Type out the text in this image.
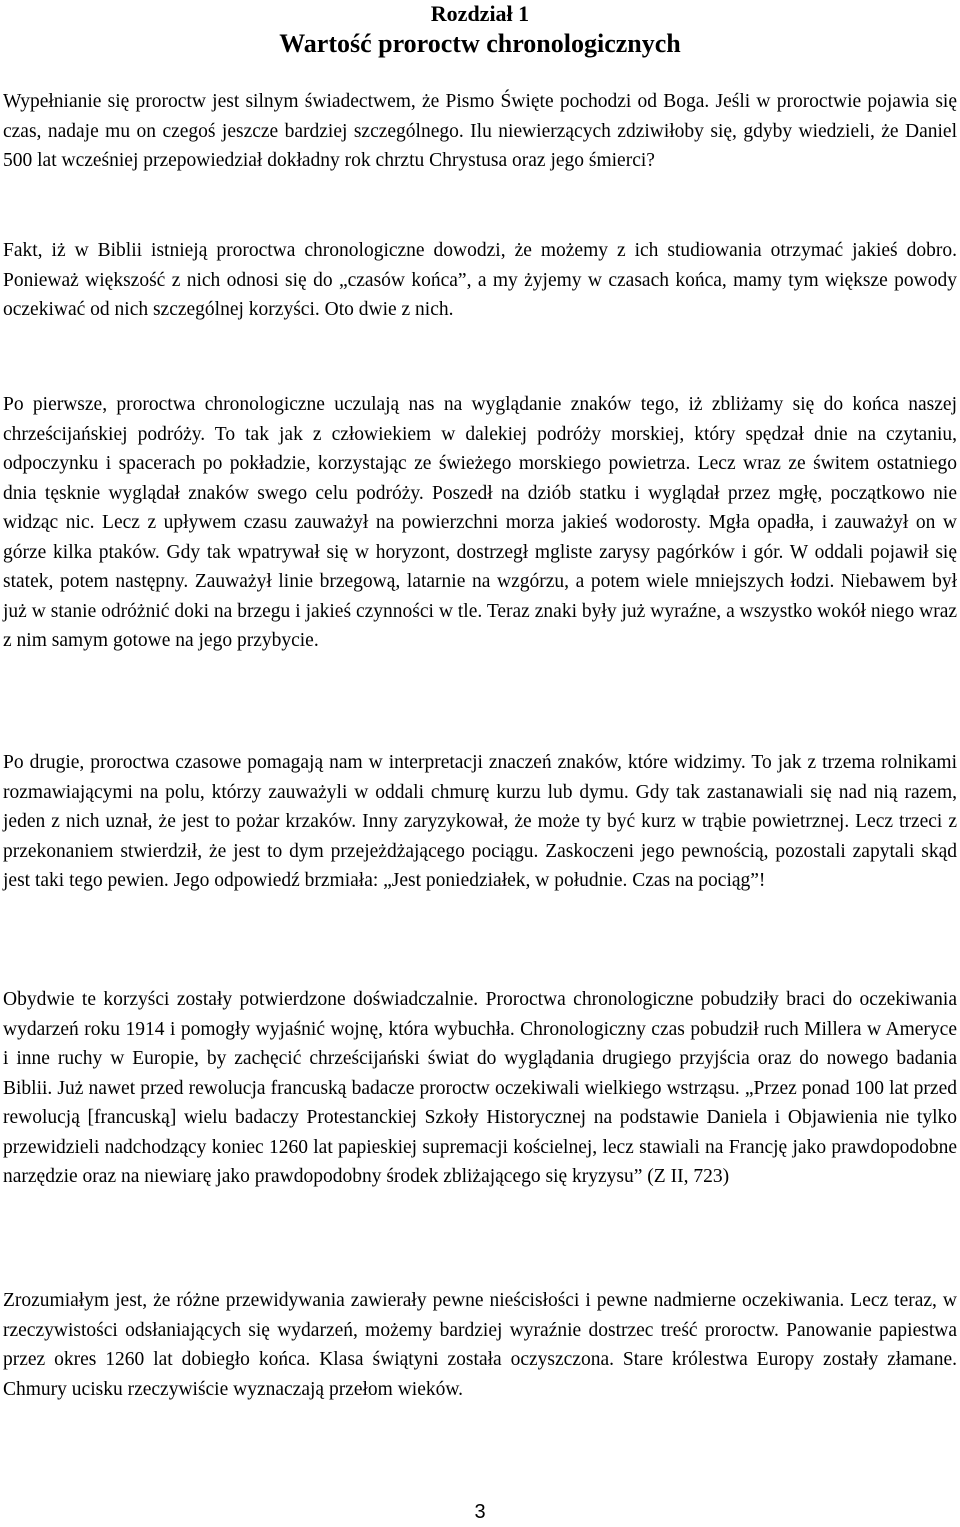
Rozdział 1
Wartość proroctw chronologicznych

Wypełnianie się proroctw jest silnym świadectwem, że Pismo Święte pochodzi od Boga. Jeśli w proroctwie pojawia się czas, nadaje mu on czegoś jeszcze bardziej szczególnego. Ilu niewierzących zdziwiłoby się, gdyby wiedzieli, że Daniel 500 lat wcześniej przepowiedział dokładny rok chrztu Chrystusa oraz jego śmierci?

Fakt, iż w Biblii istnieją proroctwa chronologiczne dowodzi, że możemy z ich studiowania otrzymać jakieś dobro. Ponieważ większość z nich odnosi się do „czasów końca”, a my żyjemy w czasach końca, mamy tym większe powody oczekiwać od nich szczególnej korzyści. Oto dwie z nich.

Po pierwsze, proroctwa chronologiczne uczulają nas na wyglądanie znaków tego, iż zbliżamy się do końca naszej chrześcijańskiej podróży. To tak jak z człowiekiem w dalekiej podróży morskiej, który spędzał dnie na czytaniu, odpoczynku i spacerach po pokładzie, korzystając ze świeżego morskiego powietrza. Lecz wraz ze świtem ostatniego dnia tęsknie wyglądał znaków swego celu podróży. Poszedł na dziób statku i wyglądał przez mgłę, początkowo nie widząc nic. Lecz z upływem czasu zauważył na powierzchni morza jakieś wodorosty. Mgła opadła, i zauważył on w górze kilka ptaków. Gdy tak wpatrywał się w horyzont, dostrzegł mgliste zarysy pagórków i gór. W oddali pojawił się statek, potem następny. Zauważył linie brzegową, latarnie na wzgórzu, a potem wiele mniejszych łodzi. Niebawem był już w stanie odróżnić doki na brzegu i jakieś czynności w tle. Teraz znaki były już wyraźne, a wszystko wokół niego wraz z nim samym gotowe na jego przybycie.

Po drugie, proroctwa czasowe pomagają nam w interpretacji znaczeń znaków, które widzimy. To jak z trzema rolnikami rozmawiającymi na polu, którzy zauważyli w oddali chmurę kurzu lub dymu. Gdy tak zastanawiali się nad nią razem, jeden z nich uznał, że jest to pożar krzaków. Inny zaryzykował, że może ty być kurz w trąbie powietrznej. Lecz trzeci z przekonaniem stwierdził, że jest to dym przejeżdżającego pociągu. Zaskoczeni jego pewnością, pozostali zapytali skąd jest taki tego pewien. Jego odpowiedź brzmiała: „Jest poniedziałek, w południe. Czas na pociąg”!

Obydwie te korzyści zostały potwierdzone doświadczalnie. Proroctwa chronologiczne pobudziły braci do oczekiwania wydarzeń roku 1914 i pomogły wyjaśnić wojnę, która wybuchła. Chronologiczny czas pobudził ruch Millera w Ameryce i inne ruchy w Europie, by zachęcić chrześcijański świat do wyglądania drugiego przyjścia oraz do nowego badania Biblii. Już nawet przed rewolucja francuską badacze proroctw oczekiwali wielkiego wstrząsu. „Przez ponad 100 lat przed rewolucją [francuską] wielu badaczy Protestanckiej Szkoły Historycznej na podstawie Daniela i Objawienia nie tylko przewidzieli nadchodzący koniec 1260 lat papieskiej supremacji kościelnej, lecz stawiali na Francję jako prawdopodobne narzędzie oraz na niewiarę jako prawdopodobny środek zbliżającego się kryzysu” (Z II, 723)

Zrozumiałym jest, że różne przewidywania zawierały pewne nieścisłości i pewne nadmierne oczekiwania. Lecz teraz, w rzeczywistości odsłaniających się wydarzeń, możemy bardziej wyraźnie dostrzec treść proroctw. Panowanie papiestwa przez okres 1260 lat dobiegło końca. Klasa świątyni została oczyszczona. Stare królestwa Europy zostały złamane. Chmury ucisku rzeczywiście wyznaczają przełom wieków.

3
